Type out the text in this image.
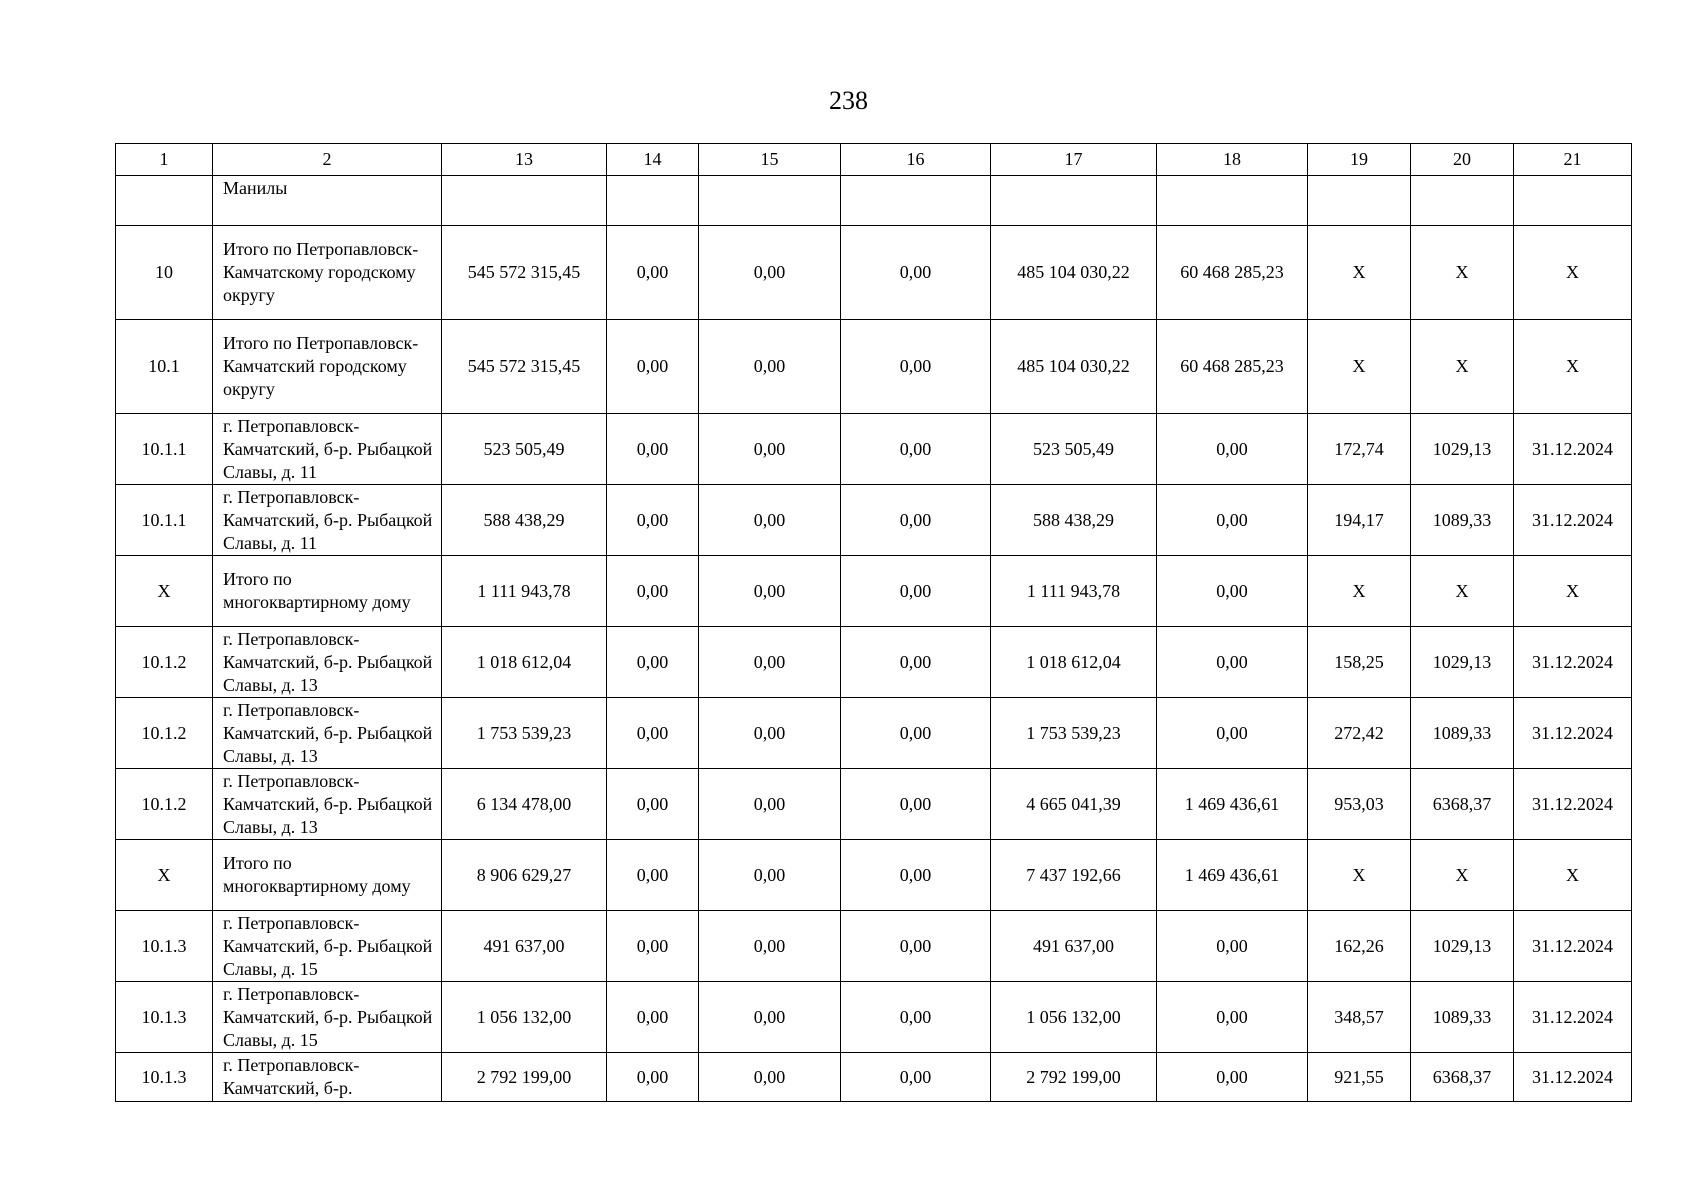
238
1	2	13	14	15	16	17	18	19	20	21
	Манилы									
10	Итого по Петропавловск-Камчатскому городскому округу	545 572 315,45	0,00	0,00	0,00	485 104 030,22	60 468 285,23	X	X	X
10.1	Итого по Петропавловск-Камчатский городскому округу	545 572 315,45	0,00	0,00	0,00	485 104 030,22	60 468 285,23	X	X	X
10.1.1	г. Петропавловск-Камчатский, б-р. Рыбацкой Славы, д. 11	523 505,49	0,00	0,00	0,00	523 505,49	0,00	172,74	1029,13	31.12.2024
10.1.1	г. Петропавловск-Камчатский, б-р. Рыбацкой Славы, д. 11	588 438,29	0,00	0,00	0,00	588 438,29	0,00	194,17	1089,33	31.12.2024
X	Итого по многоквартирному дому	1 111 943,78	0,00	0,00	0,00	1 111 943,78	0,00	X	X	X
10.1.2	г. Петропавловск-Камчатский, б-р. Рыбацкой Славы, д. 13	1 018 612,04	0,00	0,00	0,00	1 018 612,04	0,00	158,25	1029,13	31.12.2024
10.1.2	г. Петропавловск-Камчатский, б-р. Рыбацкой Славы, д. 13	1 753 539,23	0,00	0,00	0,00	1 753 539,23	0,00	272,42	1089,33	31.12.2024
10.1.2	г. Петропавловск-Камчатский, б-р. Рыбацкой Славы, д. 13	6 134 478,00	0,00	0,00	0,00	4 665 041,39	1 469 436,61	953,03	6368,37	31.12.2024
X	Итого по многоквартирному дому	8 906 629,27	0,00	0,00	0,00	7 437 192,66	1 469 436,61	X	X	X
10.1.3	г. Петропавловск-Камчатский, б-р. Рыбацкой Славы, д. 15	491 637,00	0,00	0,00	0,00	491 637,00	0,00	162,26	1029,13	31.12.2024
10.1.3	г. Петропавловск-Камчатский, б-р. Рыбацкой Славы, д. 15	1 056 132,00	0,00	0,00	0,00	1 056 132,00	0,00	348,57	1089,33	31.12.2024
10.1.3	г. Петропавловск-Камчатский, б-р.	2 792 199,00	0,00	0,00	0,00	2 792 199,00	0,00	921,55	6368,37	31.12.2024
